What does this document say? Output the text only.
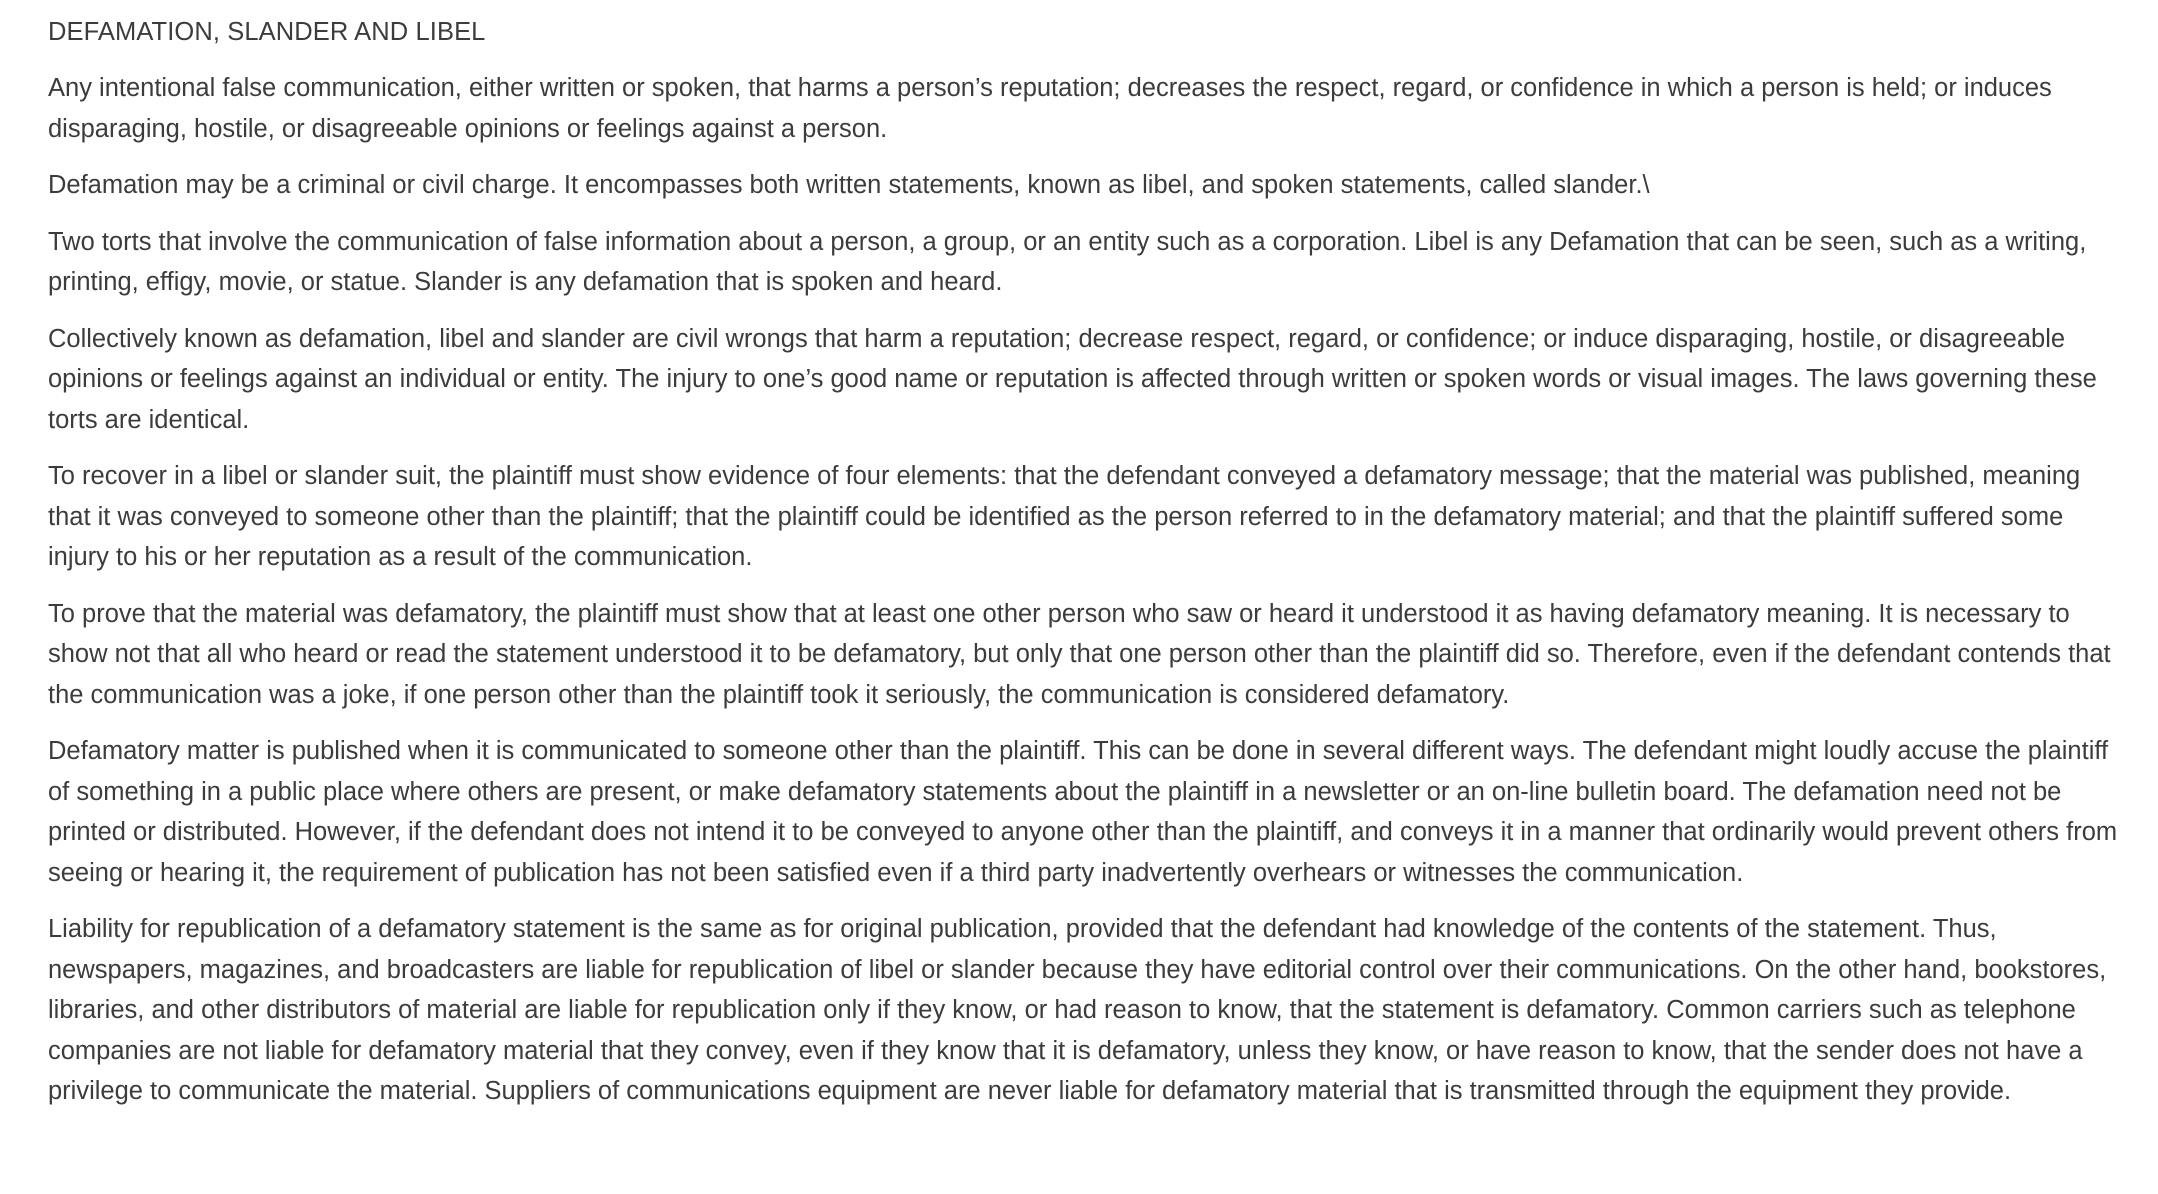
DEFAMATION, SLANDER AND LIBEL

Any intentional false communication, either written or spoken, that harms a person’s reputation; decreases the respect, regard, or confidence in which a person is held; or induces disparaging, hostile, or disagreeable opinions or feelings against a person.

Defamation may be a criminal or civil charge. It encompasses both written statements, known as libel, and spoken statements, called slander.\

Two torts that involve the communication of false information about a person, a group, or an entity such as a corporation. Libel is any Defamation that can be seen, such as a writing, printing, effigy, movie, or statue. Slander is any defamation that is spoken and heard.

Collectively known as defamation, libel and slander are civil wrongs that harm a reputation; decrease respect, regard, or confidence; or induce disparaging, hostile, or disagreeable opinions or feelings against an individual or entity. The injury to one’s good name or reputation is affected through written or spoken words or visual images. The laws governing these torts are identical.

To recover in a libel or slander suit, the plaintiff must show evidence of four elements: that the defendant conveyed a defamatory message; that the material was published, meaning that it was conveyed to someone other than the plaintiff; that the plaintiff could be identified as the person referred to in the defamatory material; and that the plaintiff suffered some injury to his or her reputation as a result of the communication.

To prove that the material was defamatory, the plaintiff must show that at least one other person who saw or heard it understood it as having defamatory meaning. It is necessary to show not that all who heard or read the statement understood it to be defamatory, but only that one person other than the plaintiff did so. Therefore, even if the defendant contends that the communication was a joke, if one person other than the plaintiff took it seriously, the communication is considered defamatory.

Defamatory matter is published when it is communicated to someone other than the plaintiff. This can be done in several different ways. The defendant might loudly accuse the plaintiff of something in a public place where others are present, or make defamatory statements about the plaintiff in a newsletter or an on-line bulletin board. The defamation need not be printed or distributed. However, if the defendant does not intend it to be conveyed to anyone other than the plaintiff, and conveys it in a manner that ordinarily would prevent others from seeing or hearing it, the requirement of publication has not been satisfied even if a third party inadvertently overhears or witnesses the communication.

Liability for republication of a defamatory statement is the same as for original publication, provided that the defendant had knowledge of the contents of the statement. Thus, newspapers, magazines, and broadcasters are liable for republication of libel or slander because they have editorial control over their communications. On the other hand, bookstores, libraries, and other distributors of material are liable for republication only if they know, or had reason to know, that the statement is defamatory. Common carriers such as telephone companies are not liable for defamatory material that they convey, even if they know that it is defamatory, unless they know, or have reason to know, that the sender does not have a privilege to communicate the material. Suppliers of communications equipment are never liable for defamatory material that is transmitted through the equipment they provide.
